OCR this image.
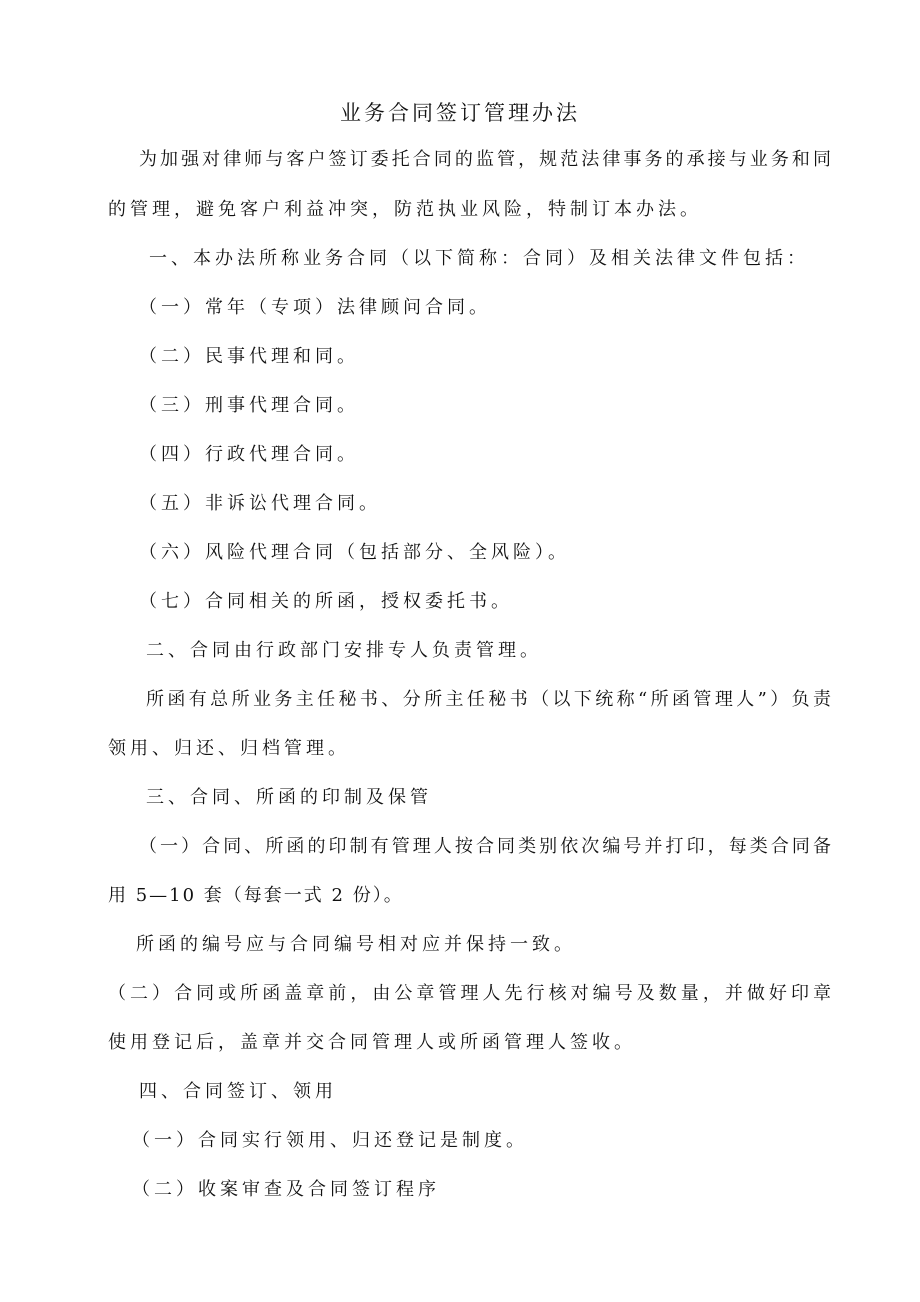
业务合同签订管理办法
为加强对律师与客户签订委托合同的监管，规范法律事务的承接与业务和同
的管理，避免客户利益冲突，防范执业风险，特制订本办法。
一、本办法所称业务合同（以下简称：合同）及相关法律文件包括：
（一）常年（专项）法律顾问合同。
（二）民事代理和同。
（三）刑事代理合同。
（四）行政代理合同。
（五）非诉讼代理合同。
（六）风险代理合同（包括部分、全风险）。
（七）合同相关的所函，授权委托书。
二、合同由行政部门安排专人负责管理。
所函有总所业务主任秘书、分所主任秘书（以下统称“所函管理人”）负责
领用、归还、归档管理。
三、合同、所函的印制及保管
（一）合同、所函的印制有管理人按合同类别依次编号并打印，每类合同备
用 5—10 套（每套一式 2 份）。
所函的编号应与合同编号相对应并保持一致。
（二）合同或所函盖章前，由公章管理人先行核对编号及数量，并做好印章
使用登记后，盖章并交合同管理人或所函管理人签收。
四、合同签订、领用
（一）合同实行领用、归还登记是制度。
（二）收案审查及合同签订程序
